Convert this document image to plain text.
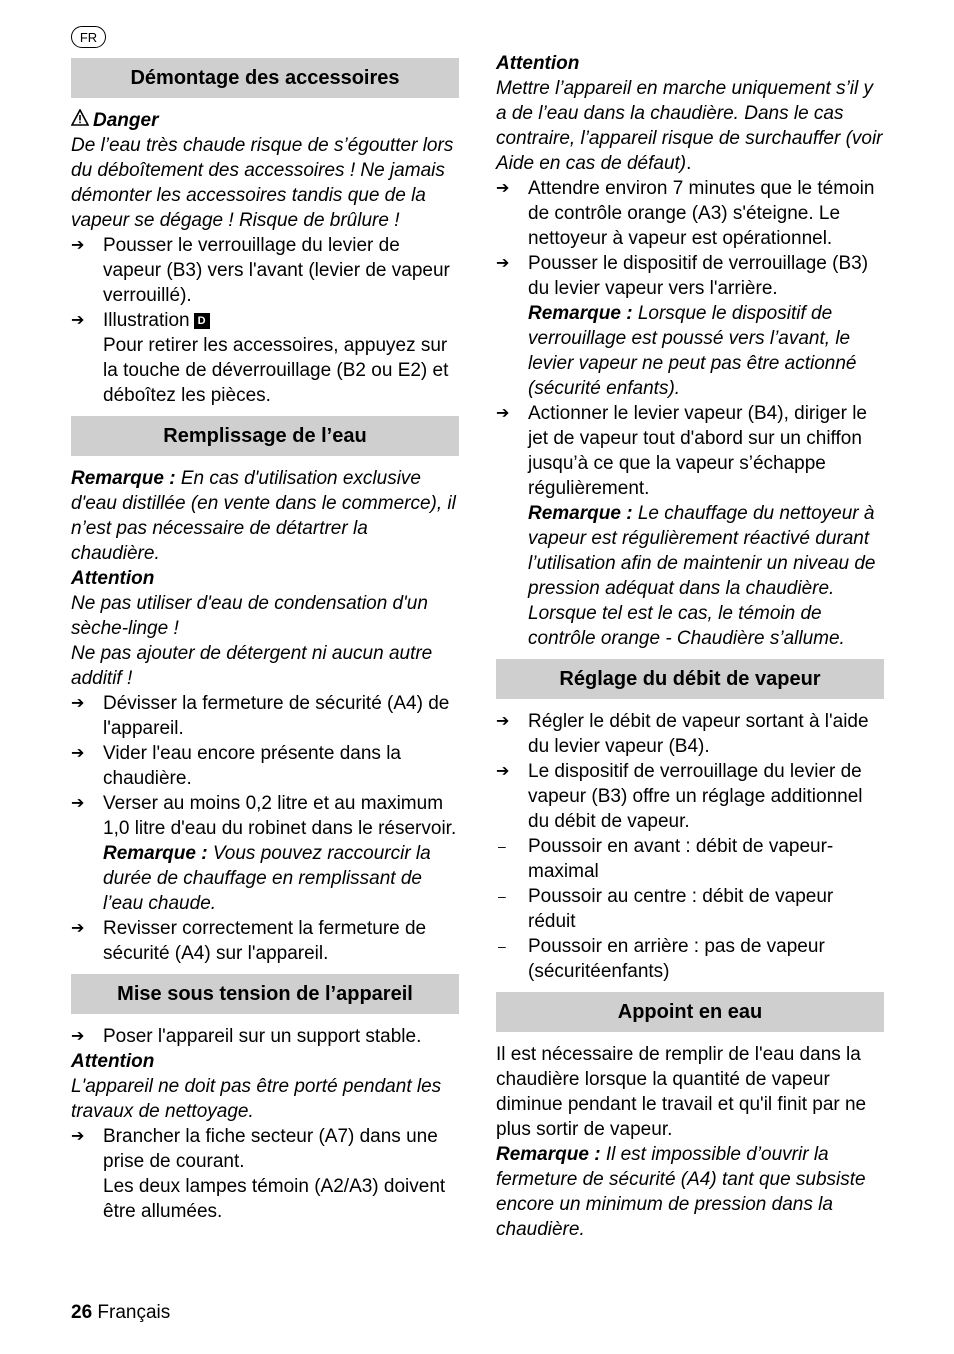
FR
Démontage des accessoires
Danger
De l’eau très chaude risque de s’égoutter lors du déboîtement des accessoires ! Ne jamais démonter les accessoires tandis que de la vapeur se dégage ! Risque de brûlure !
➔ Pousser le verrouillage du levier de vapeur (B3) vers l'avant (levier de vapeur verrouillé).
➔ Illustration D
Pour retirer les accessoires, appuyez sur la touche de déverrouillage (B2 ou E2) et déboîtez les pièces.
Remplissage de l’eau
Remarque : En cas d'utilisation exclusive d'eau distillée (en vente dans le commerce), il n’est pas nécessaire de détartrer la chaudière.
Attention
Ne pas utiliser d'eau de condensation d'un sèche-linge !
Ne pas ajouter de détergent ni aucun autre additif !
➔ Dévisser la fermeture de sécurité (A4) de l'appareil.
➔ Vider l'eau encore présente dans la chaudière.
➔ Verser au moins 0,2 litre et au maximum 1,0 litre d'eau du robinet dans le réservoir.
Remarque : Vous pouvez raccourcir la durée de chauffage en remplissant de l’eau chaude.
➔ Revisser correctement la fermeture de sécurité (A4) sur l'appareil.
Mise sous tension de l’appareil
➔ Poser l'appareil sur un support stable.
Attention
L'appareil ne doit pas être porté pendant les travaux de nettoyage.
➔ Brancher la fiche secteur (A7) dans une prise de courant.
Les deux lampes témoin (A2/A3) doivent être allumées.
Attention
Mettre l’appareil en marche uniquement s’il y a de l’eau dans la chaudière. Dans le cas contraire, l’appareil risque de surchauffer (voir Aide en cas de défaut).
➔ Attendre environ 7 minutes que le témoin de contrôle orange (A3) s'éteigne. Le nettoyeur à vapeur est opérationnel.
➔ Pousser le dispositif de verrouillage (B3) du levier vapeur vers l'arrière.
Remarque : Lorsque le dispositif de verrouillage est poussé vers l’avant, le levier vapeur ne peut pas être actionné (sécurité enfants).
➔ Actionner le levier vapeur (B4), diriger le jet de vapeur tout d'abord sur un chiffon jusqu’à ce que la vapeur s’échappe régulièrement.
Remarque : Le chauffage du nettoyeur à vapeur est régulièrement réactivé durant l’utilisation afin de maintenir un niveau de pression adéquat dans la chaudière. Lorsque tel est le cas, le témoin de contrôle orange - Chaudière s’allume.
Réglage du débit de vapeur
➔ Régler le débit de vapeur sortant à l'aide du levier vapeur (B4).
➔ Le dispositif de verrouillage du levier de vapeur (B3) offre un réglage additionnel du débit de vapeur.
–	Poussoir en avant : débit de vapeur-maximal
–	Poussoir au centre : débit de vapeur réduit
–	Poussoir en arrière : pas de vapeur (sécuritéenfants)
Appoint en eau
Il est nécessaire de remplir de l'eau dans la chaudière lorsque la quantité de vapeur diminue pendant le travail et qu'il finit par ne plus sortir de vapeur.
Remarque : Il est impossible d’ouvrir la fermeture de sécurité (A4) tant que subsiste encore un minimum de pression dans la chaudière.
26 Français
